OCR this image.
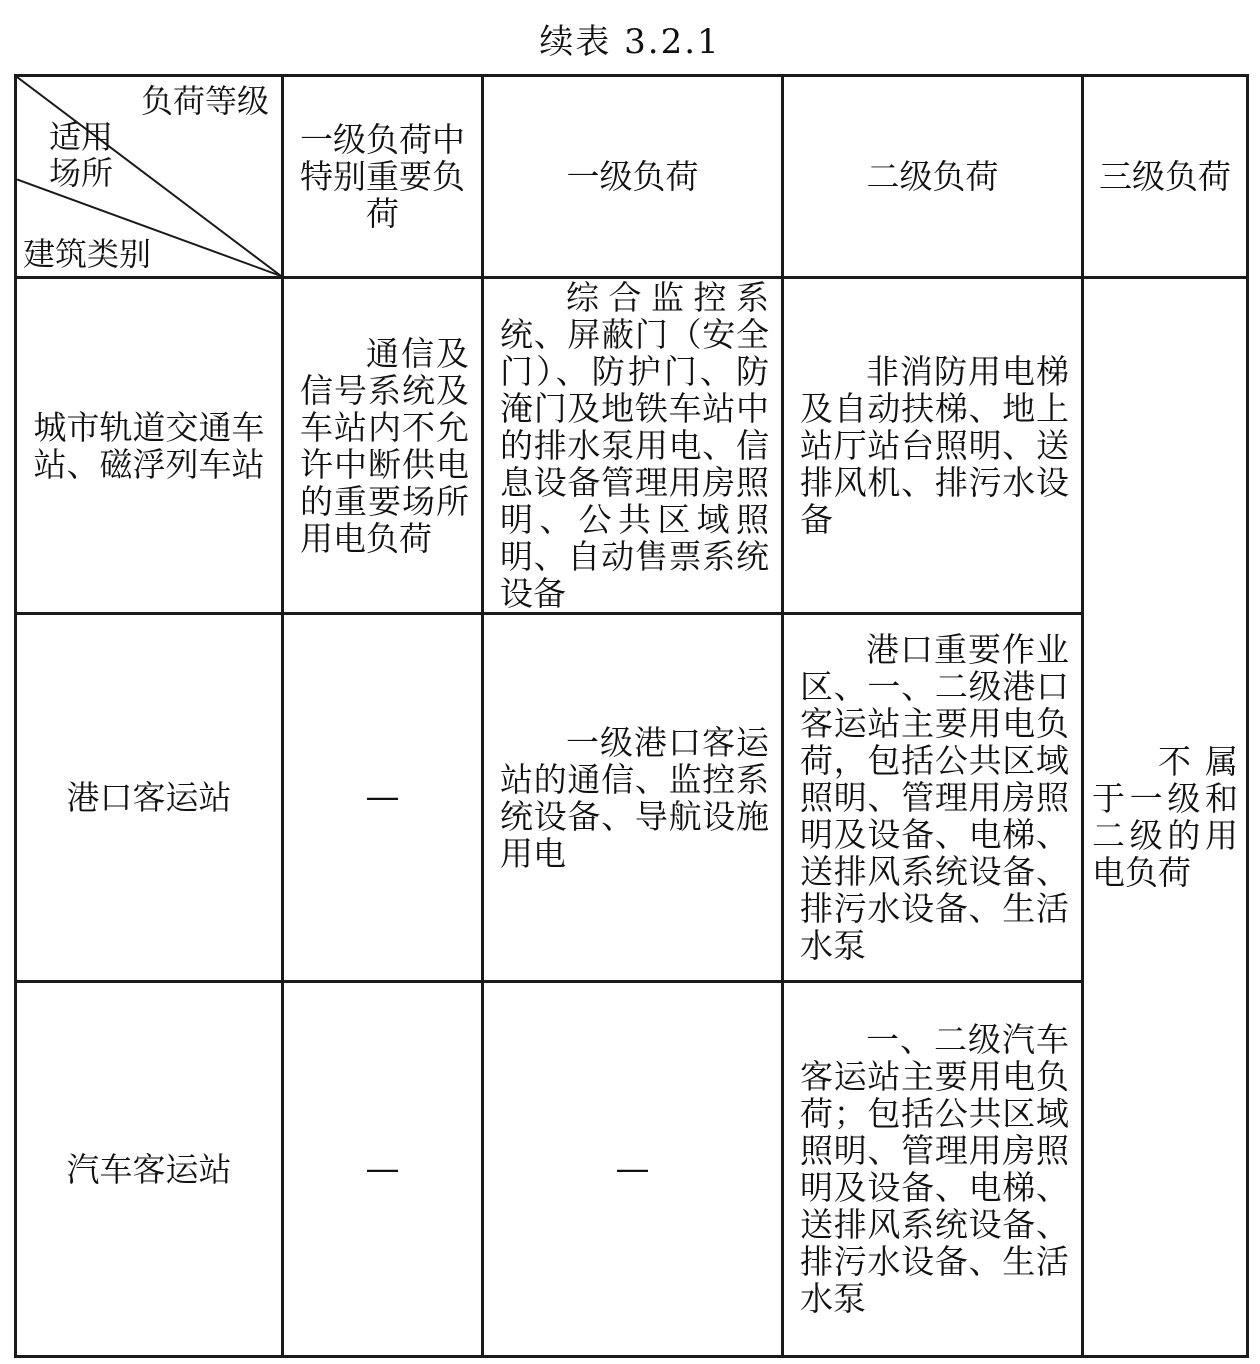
续表 3.2.1
负荷等级
适用场所
建筑类别	一级负荷中特别重要负荷	一级负荷	二级负荷	三级负荷
城市轨道交通车站、磁浮列车站	通信及信号系统及车站内不允许中断供电的重要场所用电负荷	综合监控系统、屏蔽门（安全门）、防护门、防淹门及地铁车站中的排水泵用电、信息设备管理用房照明、公共区域照明、自动售票系统设备	非消防用电梯及自动扶梯、地上站厅站台照明、送排风机、排污水设备	不属于一级和二级的用电负荷
港口客运站	—	一级港口客运站的通信、监控系统设备、导航设施用电	港口重要作业区、一、二级港口客运站主要用电负荷，包括公共区域照明、管理用房照明及设备、电梯、送排风系统设备、排污水设备、生活水泵	
汽车客运站	—	—	一、二级汽车客运站主要用电负荷；包括公共区域照明、管理用房照明及设备、电梯、送排风系统设备、排污水设备、生活水泵	
